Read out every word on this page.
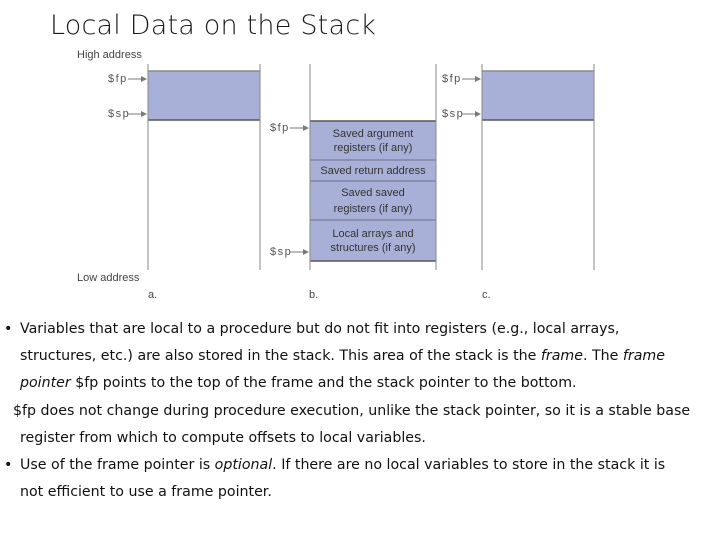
Local Data on the Stack
High address
Low address
$fp
$sp
a.
Saved argument
registers (if any)
Saved return address
Saved saved
registers (if any)
Local arrays and
structures (if any)
$fp
$sp
b.
$fp
$sp
c.

• Variables that are local to a procedure but do not fit into registers (e.g., local arrays,

structures, etc.) are also stored in the stack. This area of the stack is the frame. The frame

pointer $fp points to the top of the frame and the stack pointer to the bottom.

$fp does not change during procedure execution, unlike the stack pointer, so it is a stable base

register from which to compute offsets to local variables.

• Use of the frame pointer is optional. If there are no local variables to store in the stack it is

not efficient to use a frame pointer.
